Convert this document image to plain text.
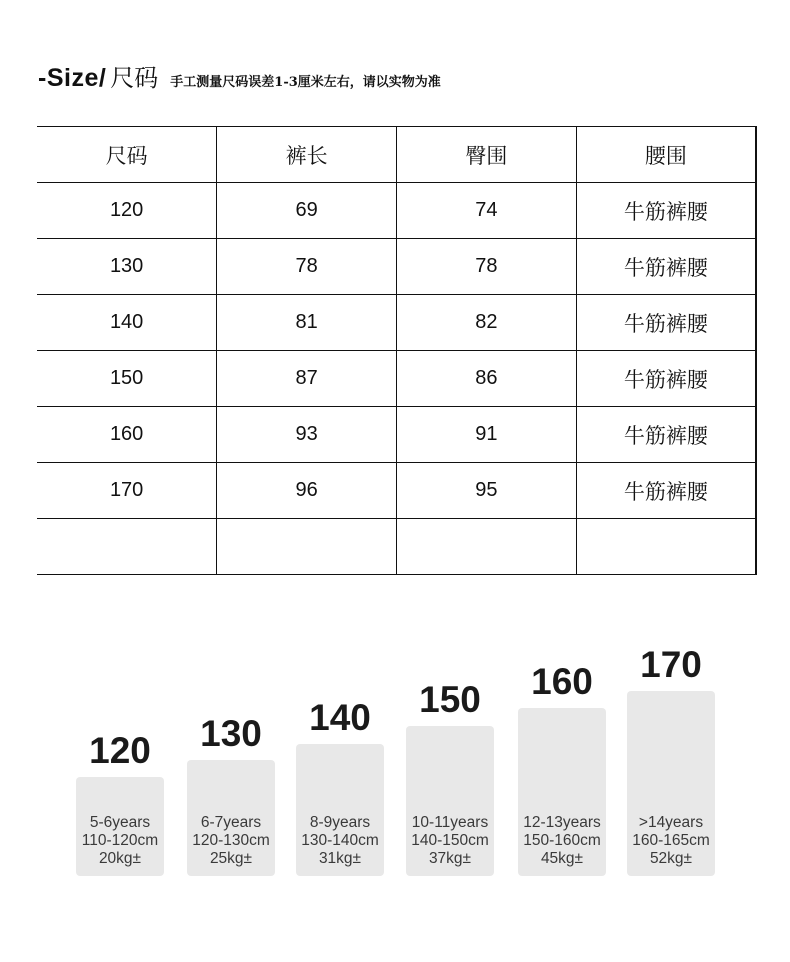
-Size/ 尺码 手工测量尺码误差1-3厘米左右，请以实物为准
尺码	裤长	臀围	腰围
120	69	74	牛筋裤腰
130	78	78	牛筋裤腰
140	81	82	牛筋裤腰
150	87	86	牛筋裤腰
160	93	91	牛筋裤腰
170	96	95	牛筋裤腰

120
5-6years
110-120cm
20kg±
130
6-7years
120-130cm
25kg±
140
8-9years
130-140cm
31kg±
150
10-11years
140-150cm
37kg±
160
12-13years
150-160cm
45kg±
170
>14years
160-165cm
52kg±
